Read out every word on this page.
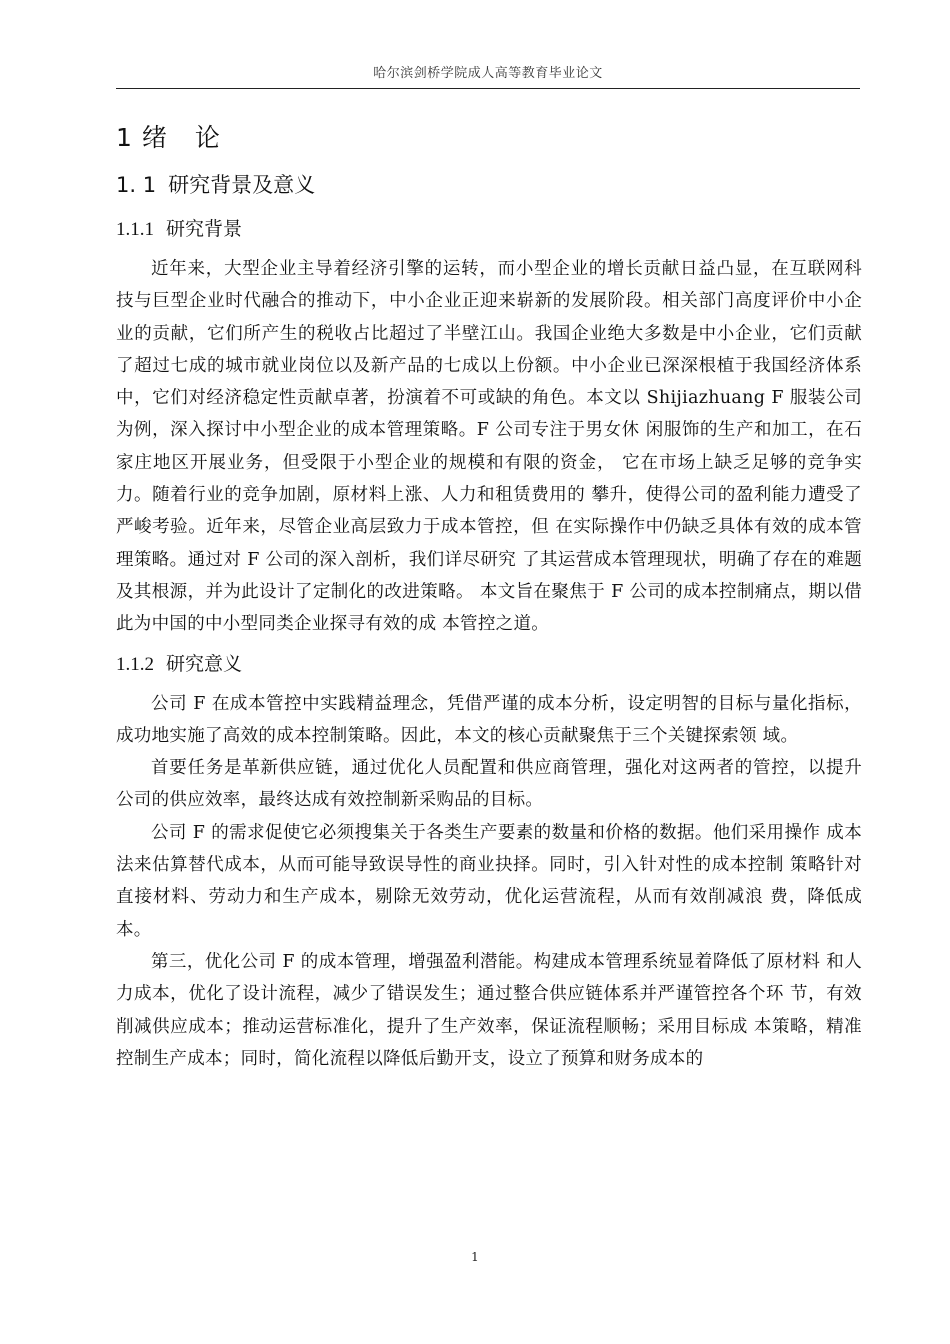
哈尔滨剑桥学院成人高等教育毕业论文
1 绪 论
1. 1 研究背景及意义
1.1.1 研究背景

近年来，大型企业主导着经济引擎的运转，而小型企业的增长贡献日益凸显，在互联网科技与巨型企业时代融合的推动下，中小企业正迎来崭新的发展阶段。相关部门高度评价中小企业的贡献，它们所产生的税收占比超过了半壁江山。我国企业绝大多数是中小企业，它们贡献了超过七成的城市就业岗位以及新产品的七成以上份额。中小企业已深深根植于我国经济体系中，它们对经济稳定性贡献卓著，扮演着不可或缺的角色。本文以 Shijiazhuang F 服装公司为例，深入探讨中小型企业的成本管理策略。F 公司专注于男女休 闲服饰的生产和加工，在石家庄地区开展业务，但受限于小型企业的规模和有限的资金， 它在市场上缺乏足够的竞争实力。随着行业的竞争加剧，原材料上涨、人力和租赁费用的 攀升，使得公司的盈利能力遭受了严峻考验。近年来，尽管企业高层致力于成本管控，但 在实际操作中仍缺乏具体有效的成本管理策略。通过对 F 公司的深入剖析，我们详尽研究 了其运营成本管理现状，明确了存在的难题及其根源，并为此设计了定制化的改进策略。 本文旨在聚焦于 F 公司的成本控制痛点，期以借此为中国的中小型同类企业探寻有效的成 本管控之道。

1.1.2 研究意义

公司 F 在成本管控中实践精益理念，凭借严谨的成本分析，设定明智的目标与量化指标，成功地实施了高效的成本控制策略。因此，本文的核心贡献聚焦于三个关键探索领 域。

首要任务是革新供应链，通过优化人员配置和供应商管理，强化对这两者的管控，以提升公司的供应效率，最终达成有效控制新采购品的目标。

公司 F 的需求促使它必须搜集关于各类生产要素的数量和价格的数据。他们采用操作 成本法来估算替代成本，从而可能导致误导性的商业抉择。同时，引入针对性的成本控制 策略针对直接材料、劳动力和生产成本，剔除无效劳动，优化运营流程，从而有效削减浪 费，降低成本。

第三，优化公司 F 的成本管理，增强盈利潜能。构建成本管理系统显着降低了原材料 和人力成本，优化了设计流程，减少了错误发生；通过整合供应链体系并严谨管控各个环 节，有效削减供应成本；推动运营标准化，提升了生产效率，保证流程顺畅；采用目标成 本策略，精准控制生产成本；同时，简化流程以降低后勤开支，设立了预算和财务成本的

1
